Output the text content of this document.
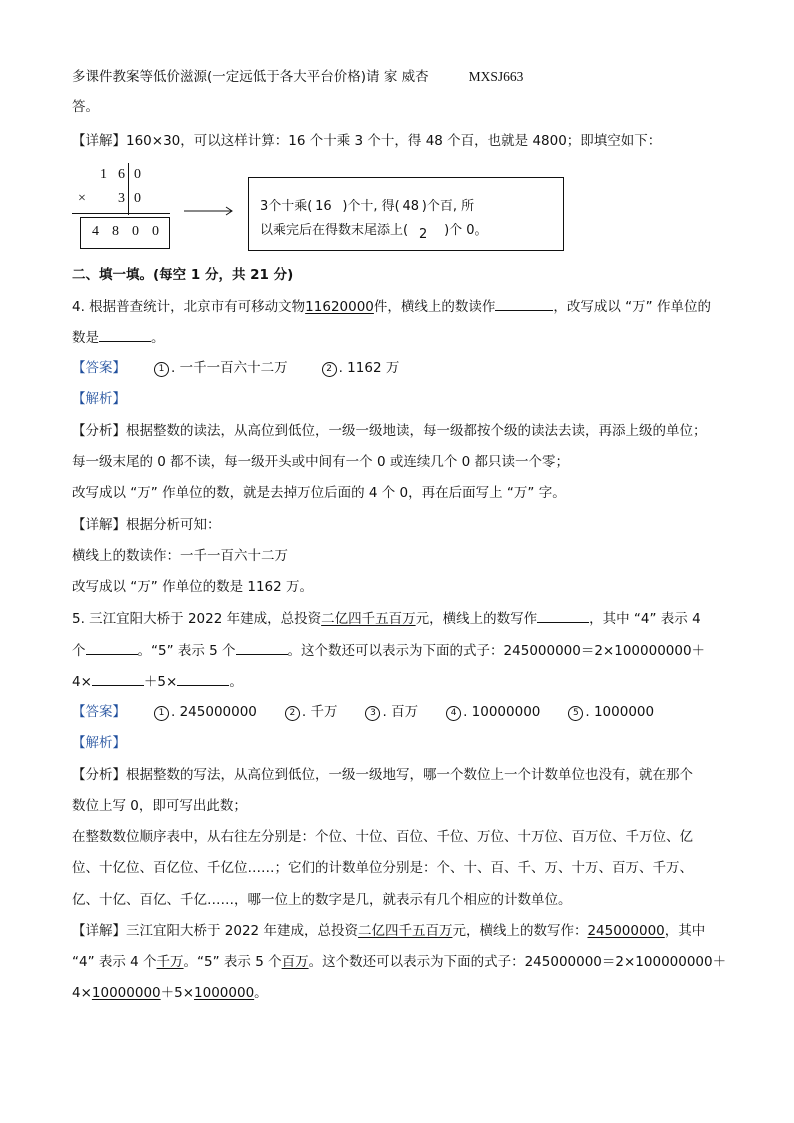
多课件教案等低价滋源(一定远低于各大平台价格)请 家 威杏	MXSJ663
答。
【详解】160×30，可以这样计算：16 个十乘 3 个十，得 48 个百，也就是 4800；即填空如下：
1 6 0
× 3 0
4 8 0 0
3个十乘( 16 )个十, 得( 48 )个百, 所
以乘完后在得数末尾添上( 2 )个 0。
二、填一填。(每空 1 分，共 21 分)
4. 根据普查统计，北京市有可移动文物11620000件，横线上的数读作	，改写成以 “万” 作单位的
数是	。
【答案】	1 . 一千一百六十二万	2 . 1162 万
【解析】
【分析】根据整数的读法，从高位到低位，一级一级地读，每一级都按个级的读法去读，再添上级的单位；
每一级末尾的 0 都不读，每一级开头或中间有一个 0 或连续几个 0 都只读一个零；
改写成以 “万” 作单位的数，就是去掉万位后面的 4 个 0，再在后面写上 “万” 字。
【详解】根据分析可知：
横线上的数读作：一千一百六十二万
改写成以 “万” 作单位的数是 1162 万。
5. 三江宜阳大桥于 2022 年建成，总投资二亿四千五百万元，横线上的数写作	，其中 “4” 表示 4
个	。“5” 表示 5 个	。这个数还可以表示为下面的式子：245000000＝2×100000000＋
4×	＋5×	。
【答案】	1 . 245000000	2 . 千万	3 . 百万	4 . 10000000	5 . 1000000
【解析】
【分析】根据整数的写法，从高位到低位，一级一级地写，哪一个数位上一个计数单位也没有，就在那个
数位上写 0，即可写出此数；
在整数数位顺序表中，从右往左分别是：个位、十位、百位、千位、万位、十万位、百万位、千万位、亿
位、十亿位、百亿位、千亿位……；它们的计数单位分别是：个、十、百、千、万、十万、百万、千万、
亿、十亿、百亿、千亿……，哪一位上的数字是几，就表示有几个相应的计数单位。
【详解】三江宜阳大桥于 2022 年建成，总投资二亿四千五百万元，横线上的数写作：245000000，其中
“4” 表示 4 个千万。“5” 表示 5 个百万。这个数还可以表示为下面的式子：245000000＝2×100000000＋
4×10000000＋5×1000000。
